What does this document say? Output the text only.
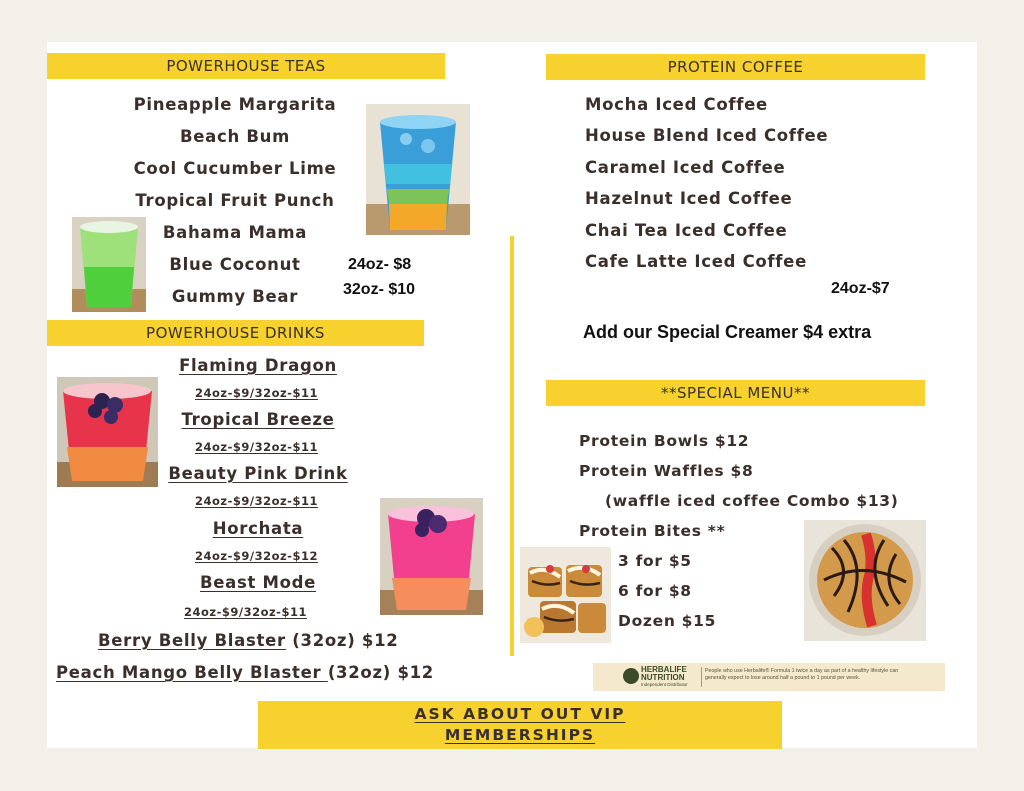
POWERHOUSE TEAS
Pineapple Margarita
Beach Bum
Cool Cucumber Lime
Tropical Fruit Punch
Bahama Mama
Blue Coconut
Gummy Bear
24oz- $8
32oz- $10
POWERHOUSE DRINKS
Flaming Dragon
24oz-$9/32oz-$11
Tropical Breeze
24oz-$9/32oz-$11
Beauty Pink Drink
24oz-$9/32oz-$11
Horchata
24oz-$9/32oz-$12
Beast Mode
24oz-$9/32oz-$11
Berry Belly Blaster (32oz) $12
Peach Mango Belly Blaster (32oz) $12
PROTEIN COFFEE
Mocha Iced Coffee
House Blend Iced Coffee
Caramel Iced Coffee
Hazelnut Iced Coffee
Chai Tea Iced Coffee
Cafe Latte Iced Coffee
24oz-$7
Add our Special Creamer $4 extra
**SPECIAL MENU**
Protein Bowls $12
Protein Waffles $8
(waffle iced coffee Combo $13)
Protein Bites **
3 for $5
6 for $8
Dozen $15
HERBALIFE
NUTRITION
Independent Distributor
People who use Herbalife® Formula 1 twice a day as part of a healthy lifestyle can generally expect to lose around half a pound to 1 pound per week.
ASK ABOUT OUT VIP
MEMBERSHIPS
